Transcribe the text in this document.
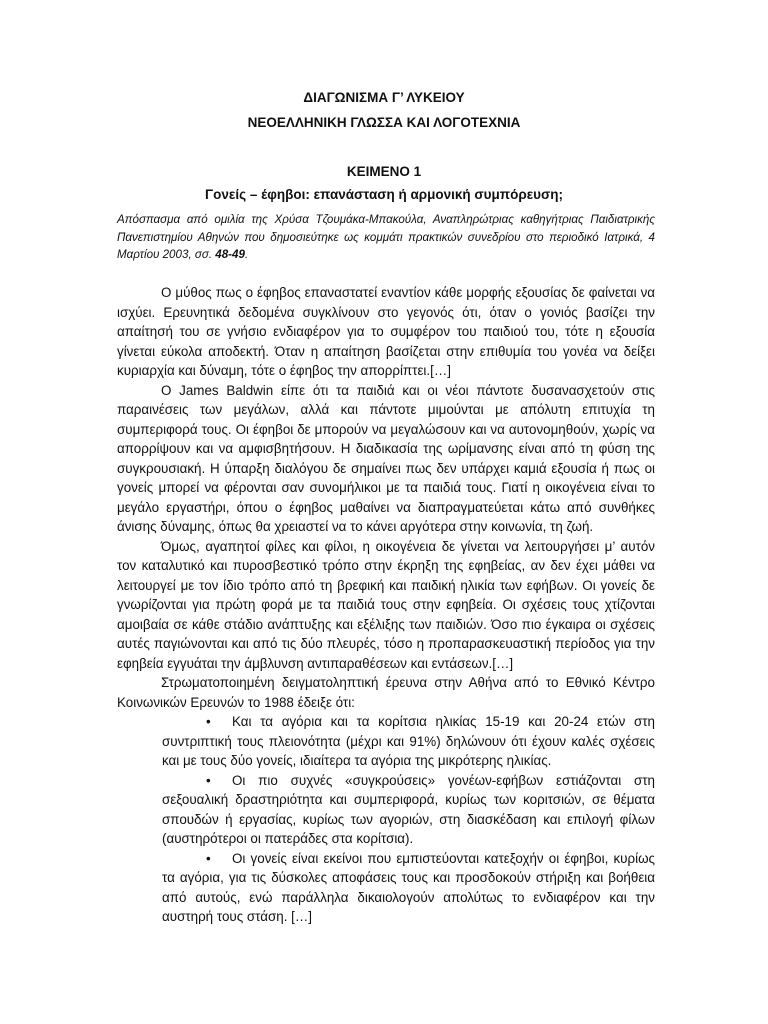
ΔΙΑΓΩΝΙΣΜΑ Γ’ ΛΥΚΕΙΟΥ
ΝΕΟΕΛΛΗΝΙΚΗ ΓΛΩΣΣΑ ΚΑΙ ΛΟΓΟΤΕΧΝΙΑ
ΚΕΙΜΕΝΟ 1
Γονείς – έφηβοι: επανάσταση ή αρμονική συμπόρευση;
Απόσπασμα από ομιλία της Χρύσα Τζουμάκα-Μπακούλα, Αναπληρώτριας καθηγήτριας Παιδιατρικής Πανεπιστημίου Αθηνών που δημοσιεύτηκε ως κομμάτι πρακτικών συνεδρίου στο περιοδικό Ιατρικά, 4 Μαρτίου 2003, σσ. 48-49.

Ο μύθος πως ο έφηβος επαναστατεί εναντίον κάθε μορφής εξουσίας δε φαίνεται να ισχύει. Ερευνητικά δεδομένα συγκλίνουν στο γεγονός ότι, όταν ο γονιός βασίζει την απαίτησή του σε γνήσιο ενδιαφέρον για το συμφέρον του παιδιού του, τότε η εξουσία γίνεται εύκολα αποδεκτή. Όταν η απαίτηση βασίζεται στην επιθυμία του γονέα να δείξει κυριαρχία και δύναμη, τότε ο έφηβος την απορρίπτει.[…]

Ο James Baldwin είπε ότι τα παιδιά και οι νέοι πάντοτε δυσανασχετούν στις παραινέσεις των μεγάλων, αλλά και πάντοτε μιμούνται με απόλυτη επιτυχία τη συμπεριφορά τους. Οι έφηβοι δε μπορούν να μεγαλώσουν και να αυτονομηθούν, χωρίς να απορρίψουν και να αμφισβητήσουν. Η διαδικασία της ωρίμανσης είναι από τη φύση της συγκρουσιακή. Η ύπαρξη διαλόγου δε σημαίνει πως δεν υπάρχει καμιά εξουσία ή πως οι γονείς μπορεί να φέρονται σαν συνομήλικοι με τα παιδιά τους. Γιατί η οικογένεια είναι το μεγάλο εργαστήρι, όπου ο έφηβος μαθαίνει να διαπραγματεύεται κάτω από συνθήκες άνισης δύναμης, όπως θα χρειαστεί να το κάνει αργότερα στην κοινωνία, τη ζωή.

Όμως, αγαπητοί φίλες και φίλοι, η οικογένεια δε γίνεται να λειτουργήσει μ’ αυτόν τον καταλυτικό και πυροσβεστικό τρόπο στην έκρηξη της εφηβείας, αν δεν έχει μάθει να λειτουργεί με τον ίδιο τρόπο από τη βρεφική και παιδική ηλικία των εφήβων. Οι γονείς δε γνωρίζονται για πρώτη φορά με τα παιδιά τους στην εφηβεία. Οι σχέσεις τους χτίζονται αμοιβαία σε κάθε στάδιο ανάπτυξης και εξέλιξης των παιδιών. Όσο πιο έγκαιρα οι σχέσεις αυτές παγιώνονται και από τις δύο πλευρές, τόσο η προπαρασκευαστική περίοδος για την εφηβεία εγγυάται την άμβλυνση αντιπαραθέσεων και εντάσεων.[…]

Στρωματοποιημένη δειγματοληπτική έρευνα στην Αθήνα από το Εθνικό Κέντρο Κοινωνικών Ερευνών το 1988 έδειξε ότι:

• Και τα αγόρια και τα κορίτσια ηλικίας 15-19 και 20-24 ετών στη συντριπτική τους πλειονότητα (μέχρι και 91%) δηλώνουν ότι έχουν καλές σχέσεις και με τους δύο γονείς, ιδιαίτερα τα αγόρια της μικρότερης ηλικίας.
• Οι πιο συχνές «συγκρούσεις» γονέων-εφήβων εστιάζονται στη σεξουαλική δραστηριότητα και συμπεριφορά, κυρίως των κοριτσιών, σε θέματα σπουδών ή εργασίας, κυρίως των αγοριών, στη διασκέδαση και επιλογή φίλων (αυστηρότεροι οι πατεράδες στα κορίτσια).
• Οι γονείς είναι εκείνοι που εμπιστεύονται κατεξοχήν οι έφηβοι, κυρίως τα αγόρια, για τις δύσκολες αποφάσεις τους και προσδοκούν στήριξη και βοήθεια από αυτούς, ενώ παράλληλα δικαιολογούν απολύτως το ενδιαφέρον και την αυστηρή τους στάση. […]
